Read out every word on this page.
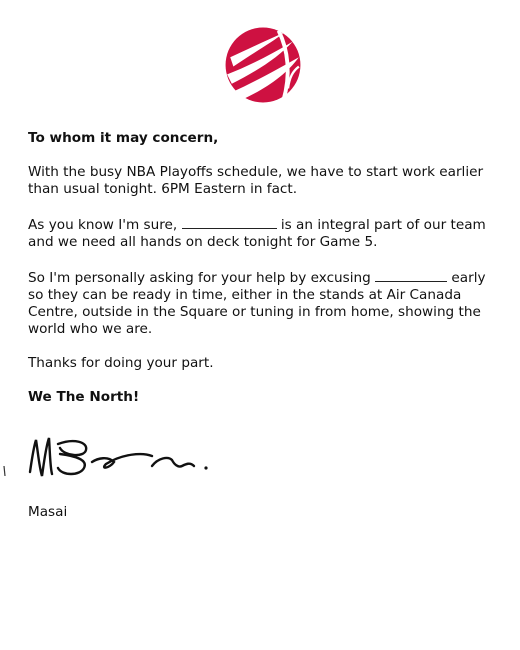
To whom it may concern,

With the busy NBA Playoffs schedule, we have to start work earlier than usual tonight. 6PM Eastern in fact.

As you know I'm sure,	is an integral part of our team and we need all hands on deck tonight for Game 5.

So I'm personally asking for your help by excusing	early so they can be ready in time, either in the stands at Air Canada Centre, outside in the Square or tuning in from home, showing the world who we are.

Thanks for doing your part.

We The North!

Masai
